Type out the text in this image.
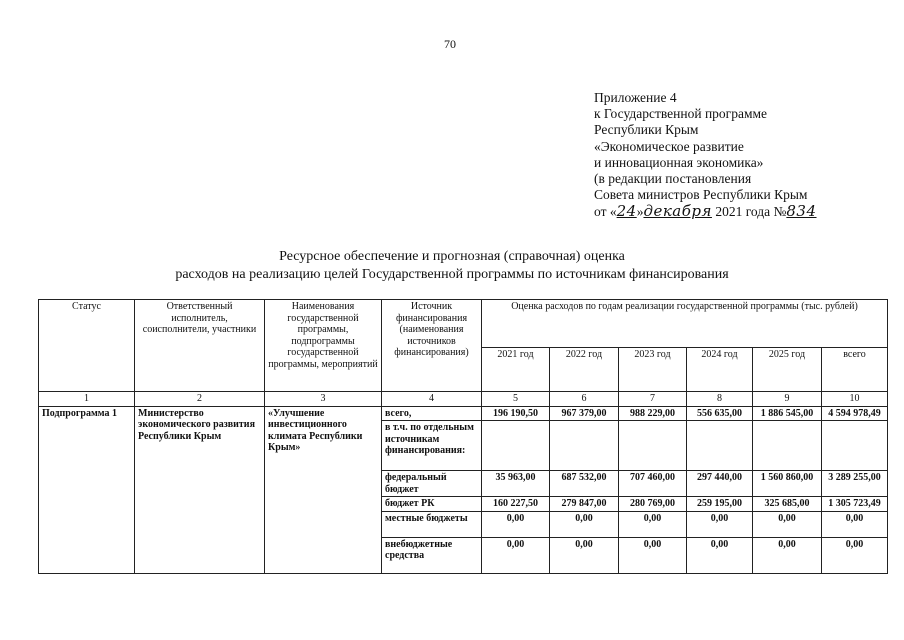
70
Приложение 4
к Государственной программе
Республики Крым
«Экономическое развитие
и инновационная экономика»
(в редакции постановления
Совета министров Республики Крым
от «24»декабря 2021 года №834
Ресурсное обеспечение и прогнозная (справочная) оценка
расходов на реализацию целей Государственной программы по источникам финансирования
Статус	Ответственный исполнитель, соисполнители, участники	Наименования государственной программы, подпрограммы государственной программы, мероприятий	Источник финансирования (наименования источников финансирования)	Оценка расходов по годам реализации государственной программы (тыс. рублей)					
				2021 год	2022 год	2023 год	2024 год	2025 год	всего
1	2	3	4	5	6	7	8	9	10
Подпрограмма 1	Министерство экономического развития Республики Крым	«Улучшение инвестиционного климата Республики Крым»	всего,	196 190,50	967 379,00	988 229,00	556 635,00	1 886 545,00	4 594 978,49
			в т.ч. по отдельным источникам финансирования:						
			федеральный бюджет	35 963,00	687 532,00	707 460,00	297 440,00	1 560 860,00	3 289 255,00
			бюджет РК	160 227,50	279 847,00	280 769,00	259 195,00	325 685,00	1 305 723,49
			местные бюджеты	0,00	0,00	0,00	0,00	0,00	0,00
			внебюджетные средства	0,00	0,00	0,00	0,00	0,00	0,00
